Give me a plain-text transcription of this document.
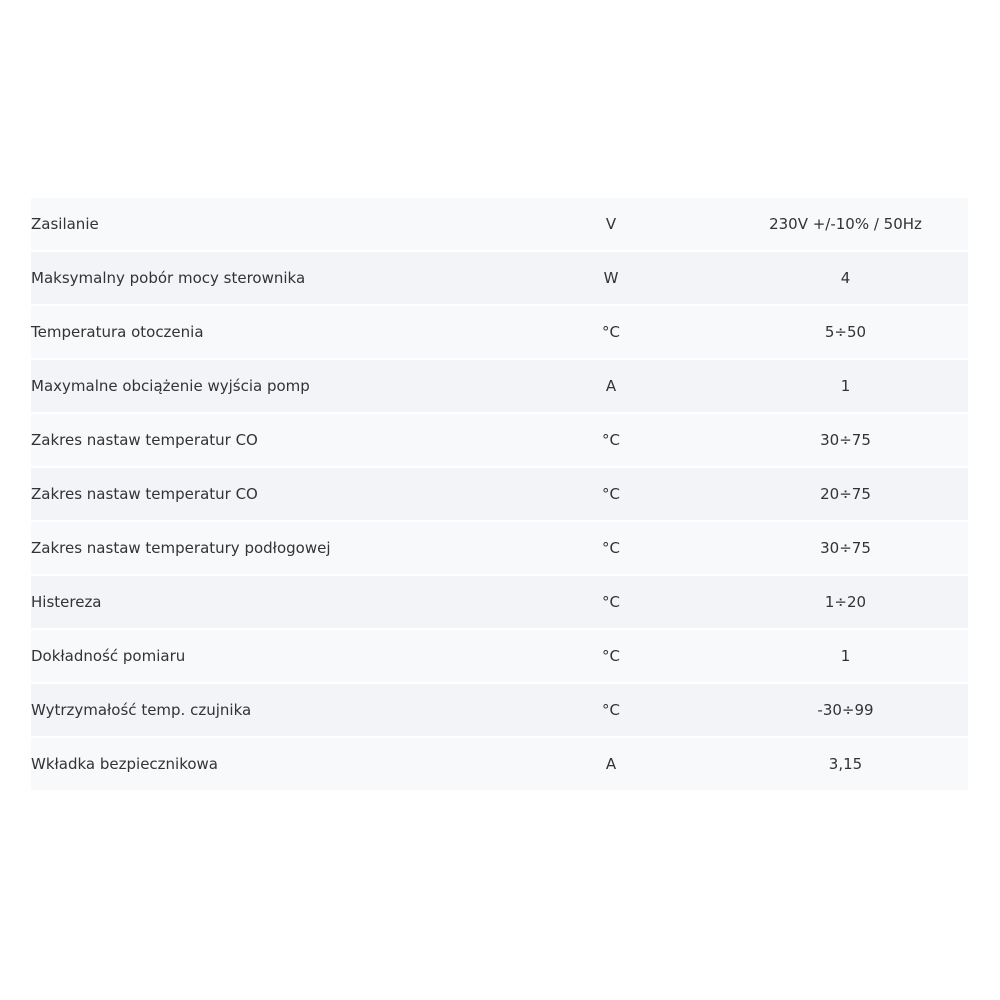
Zasilanie	V	230V +/-10% / 50Hz
Maksymalny pobór mocy sterownika	W	4
Temperatura otoczenia	°C	5÷50
Maxymalne obciążenie wyjścia pomp	A	1
Zakres nastaw temperatur CO	°C	30÷75
Zakres nastaw temperatur CO	°C	20÷75
Zakres nastaw temperatury podłogowej	°C	30÷75
Histereza	°C	1÷20
Dokładność pomiaru	°C	1
Wytrzymałość temp. czujnika	°C	-30÷99
Wkładka bezpiecznikowa	A	3,15
